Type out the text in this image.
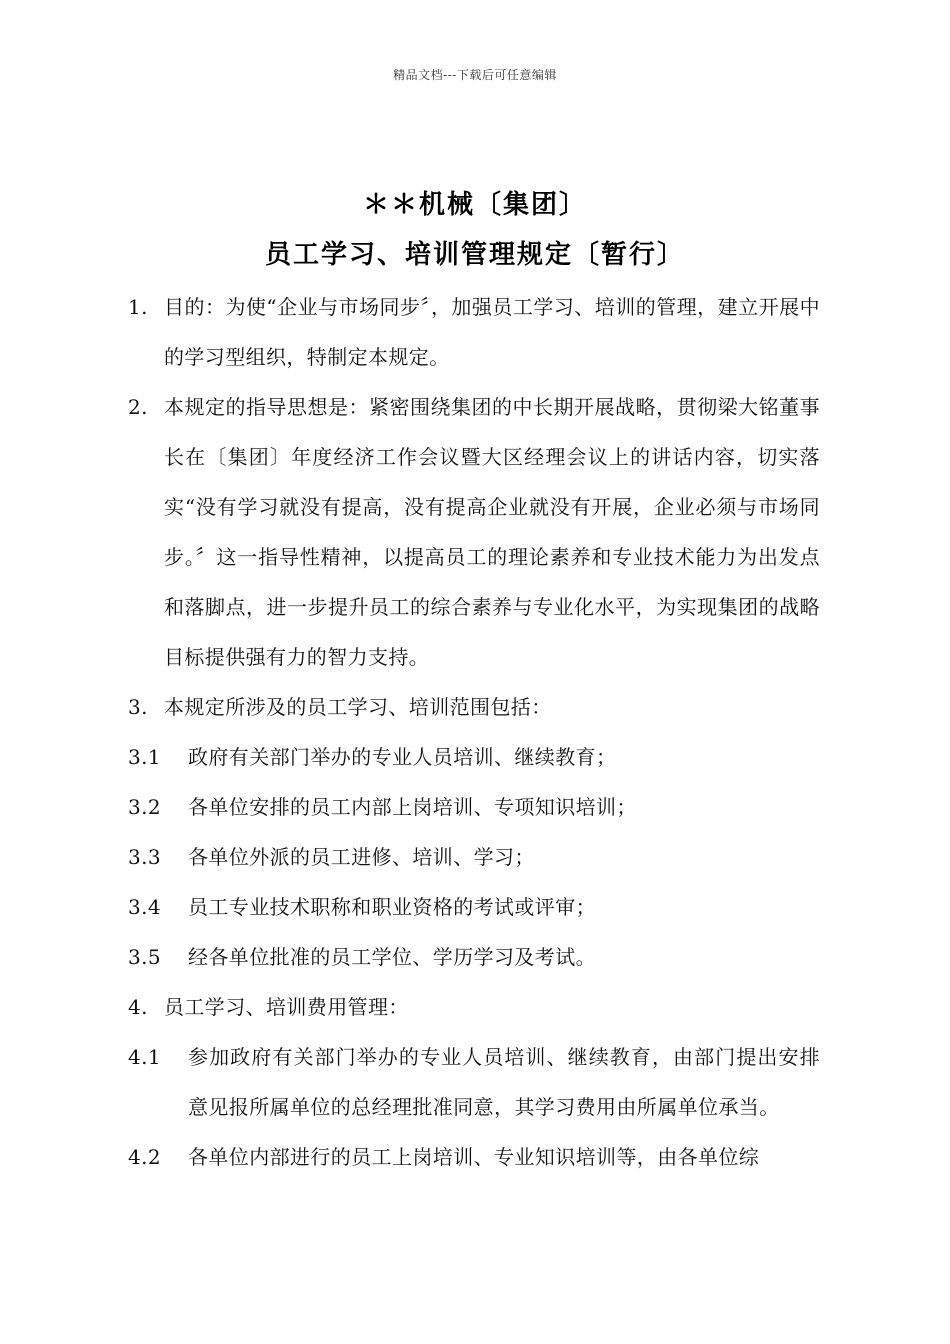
精品文档---下载后可任意编辑
＊＊机械〔集团〕
员工学习、培训管理规定〔暂行〕
1. 目的：为使“企业与市场同步〞，加强员工学习、培训的管理，建立开展中的学习型组织，特制定本规定。
2. 本规定的指导思想是：紧密围绕集团的中长期开展战略，贯彻梁大铭董事长在〔集团〕年度经济工作会议暨大区经理会议上的讲话内容，切实落实“没有学习就没有提高，没有提高企业就没有开展，企业必须与市场同步。〞这一指导性精神，以提高员工的理论素养和专业技术能力为出发点和落脚点，进一步提升员工的综合素养与专业化水平，为实现集团的战略目标提供强有力的智力支持。
3. 本规定所涉及的员工学习、培训范围包括：
3.1 政府有关部门举办的专业人员培训、继续教育；
3.2 各单位安排的员工内部上岗培训、专项知识培训；
3.3 各单位外派的员工进修、培训、学习；
3.4 员工专业技术职称和职业资格的考试或评审；
3.5 经各单位批准的员工学位、学历学习及考试。
4. 员工学习、培训费用管理：
4.1 参加政府有关部门举办的专业人员培训、继续教育，由部门提出安排意见报所属单位的总经理批准同意，其学习费用由所属单位承当。
4.2 各单位内部进行的员工上岗培训、专业知识培训等，由各单位综
